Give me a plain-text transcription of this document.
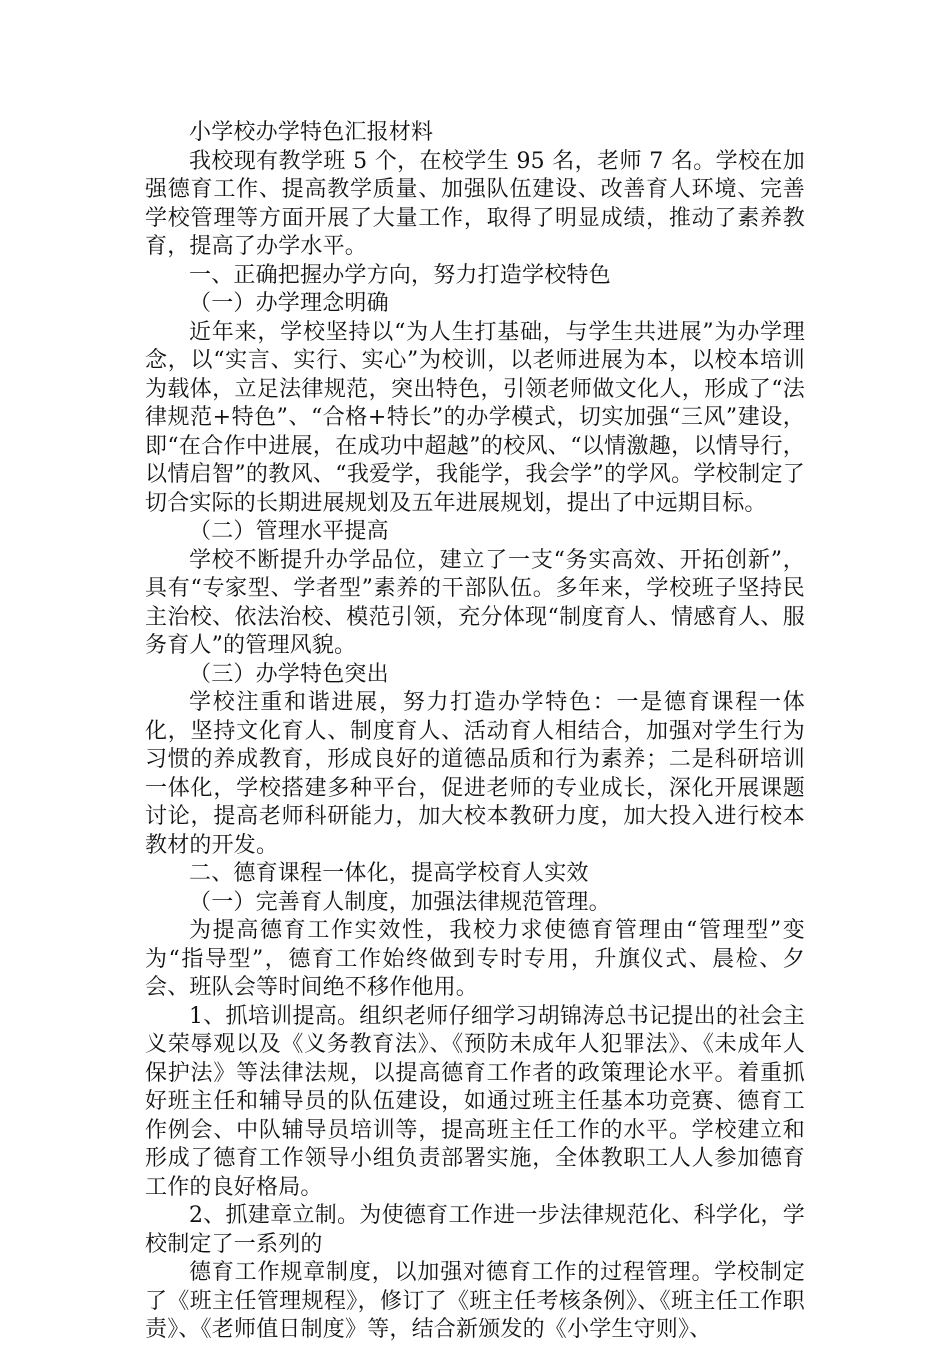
小学校办学特色汇报材料

我校现有教学班 5 个，在校学生 95 名，老师 7 名。学校在加强德育工作、提高教学质量、加强队伍建设、改善育人环境、完善学校管理等方面开展了大量工作，取得了明显成绩，推动了素养教育，提高了办学水平。

一、正确把握办学方向，努力打造学校特色

（一）办学理念明确

近年来，学校坚持以“为人生打基础，与学生共进展”为办学理念，以“实言、实行、实心”为校训，以老师进展为本，以校本培训为载体，立足法律规范，突出特色，引领老师做文化人，形成了“法律规范+特色”、“合格+特长”的办学模式，切实加强“三风”建设，即“在合作中进展，在成功中超越”的校风、“以情激趣，以情导行，以情启智”的教风、“我爱学，我能学，我会学”的学风。学校制定了切合实际的长期进展规划及五年进展规划，提出了中远期目标。

（二）管理水平提高

学校不断提升办学品位，建立了一支“务实高效、开拓创新”，具有“专家型、学者型”素养的干部队伍。多年来，学校班子坚持民主治校、依法治校、模范引领，充分体现“制度育人、情感育人、服务育人”的管理风貌。

（三）办学特色突出

学校注重和谐进展，努力打造办学特色：一是德育课程一体化，坚持文化育人、制度育人、活动育人相结合，加强对学生行为习惯的养成教育，形成良好的道德品质和行为素养；二是科研培训一体化，学校搭建多种平台，促进老师的专业成长，深化开展课题讨论，提高老师科研能力，加大校本教研力度，加大投入进行校本教材的开发。

二、德育课程一体化，提高学校育人实效

（一）完善育人制度，加强法律规范管理。

为提高德育工作实效性，我校力求使德育管理由“管理型”变为“指导型”，德育工作始终做到专时专用，升旗仪式、晨检、夕会、班队会等时间绝不移作他用。

1、抓培训提高。组织老师仔细学习胡锦涛总书记提出的社会主义荣辱观以及《义务教育法》、《预防未成年人犯罪法》、《未成年人保护法》等法律法规，以提高德育工作者的政策理论水平。着重抓好班主任和辅导员的队伍建设，如通过班主任基本功竞赛、德育工作例会、中队辅导员培训等，提高班主任工作的水平。学校建立和形成了德育工作领导小组负责部署实施，全体教职工人人参加德育工作的良好格局。

2、抓建章立制。为使德育工作进一步法律规范化、科学化，学校制定了一系列的

德育工作规章制度，以加强对德育工作的过程管理。学校制定了《班主任管理规程》，修订了《班主任考核条例》、《班主任工作职责》、《老师值日制度》等，结合新颁发的《小学生守则》、
